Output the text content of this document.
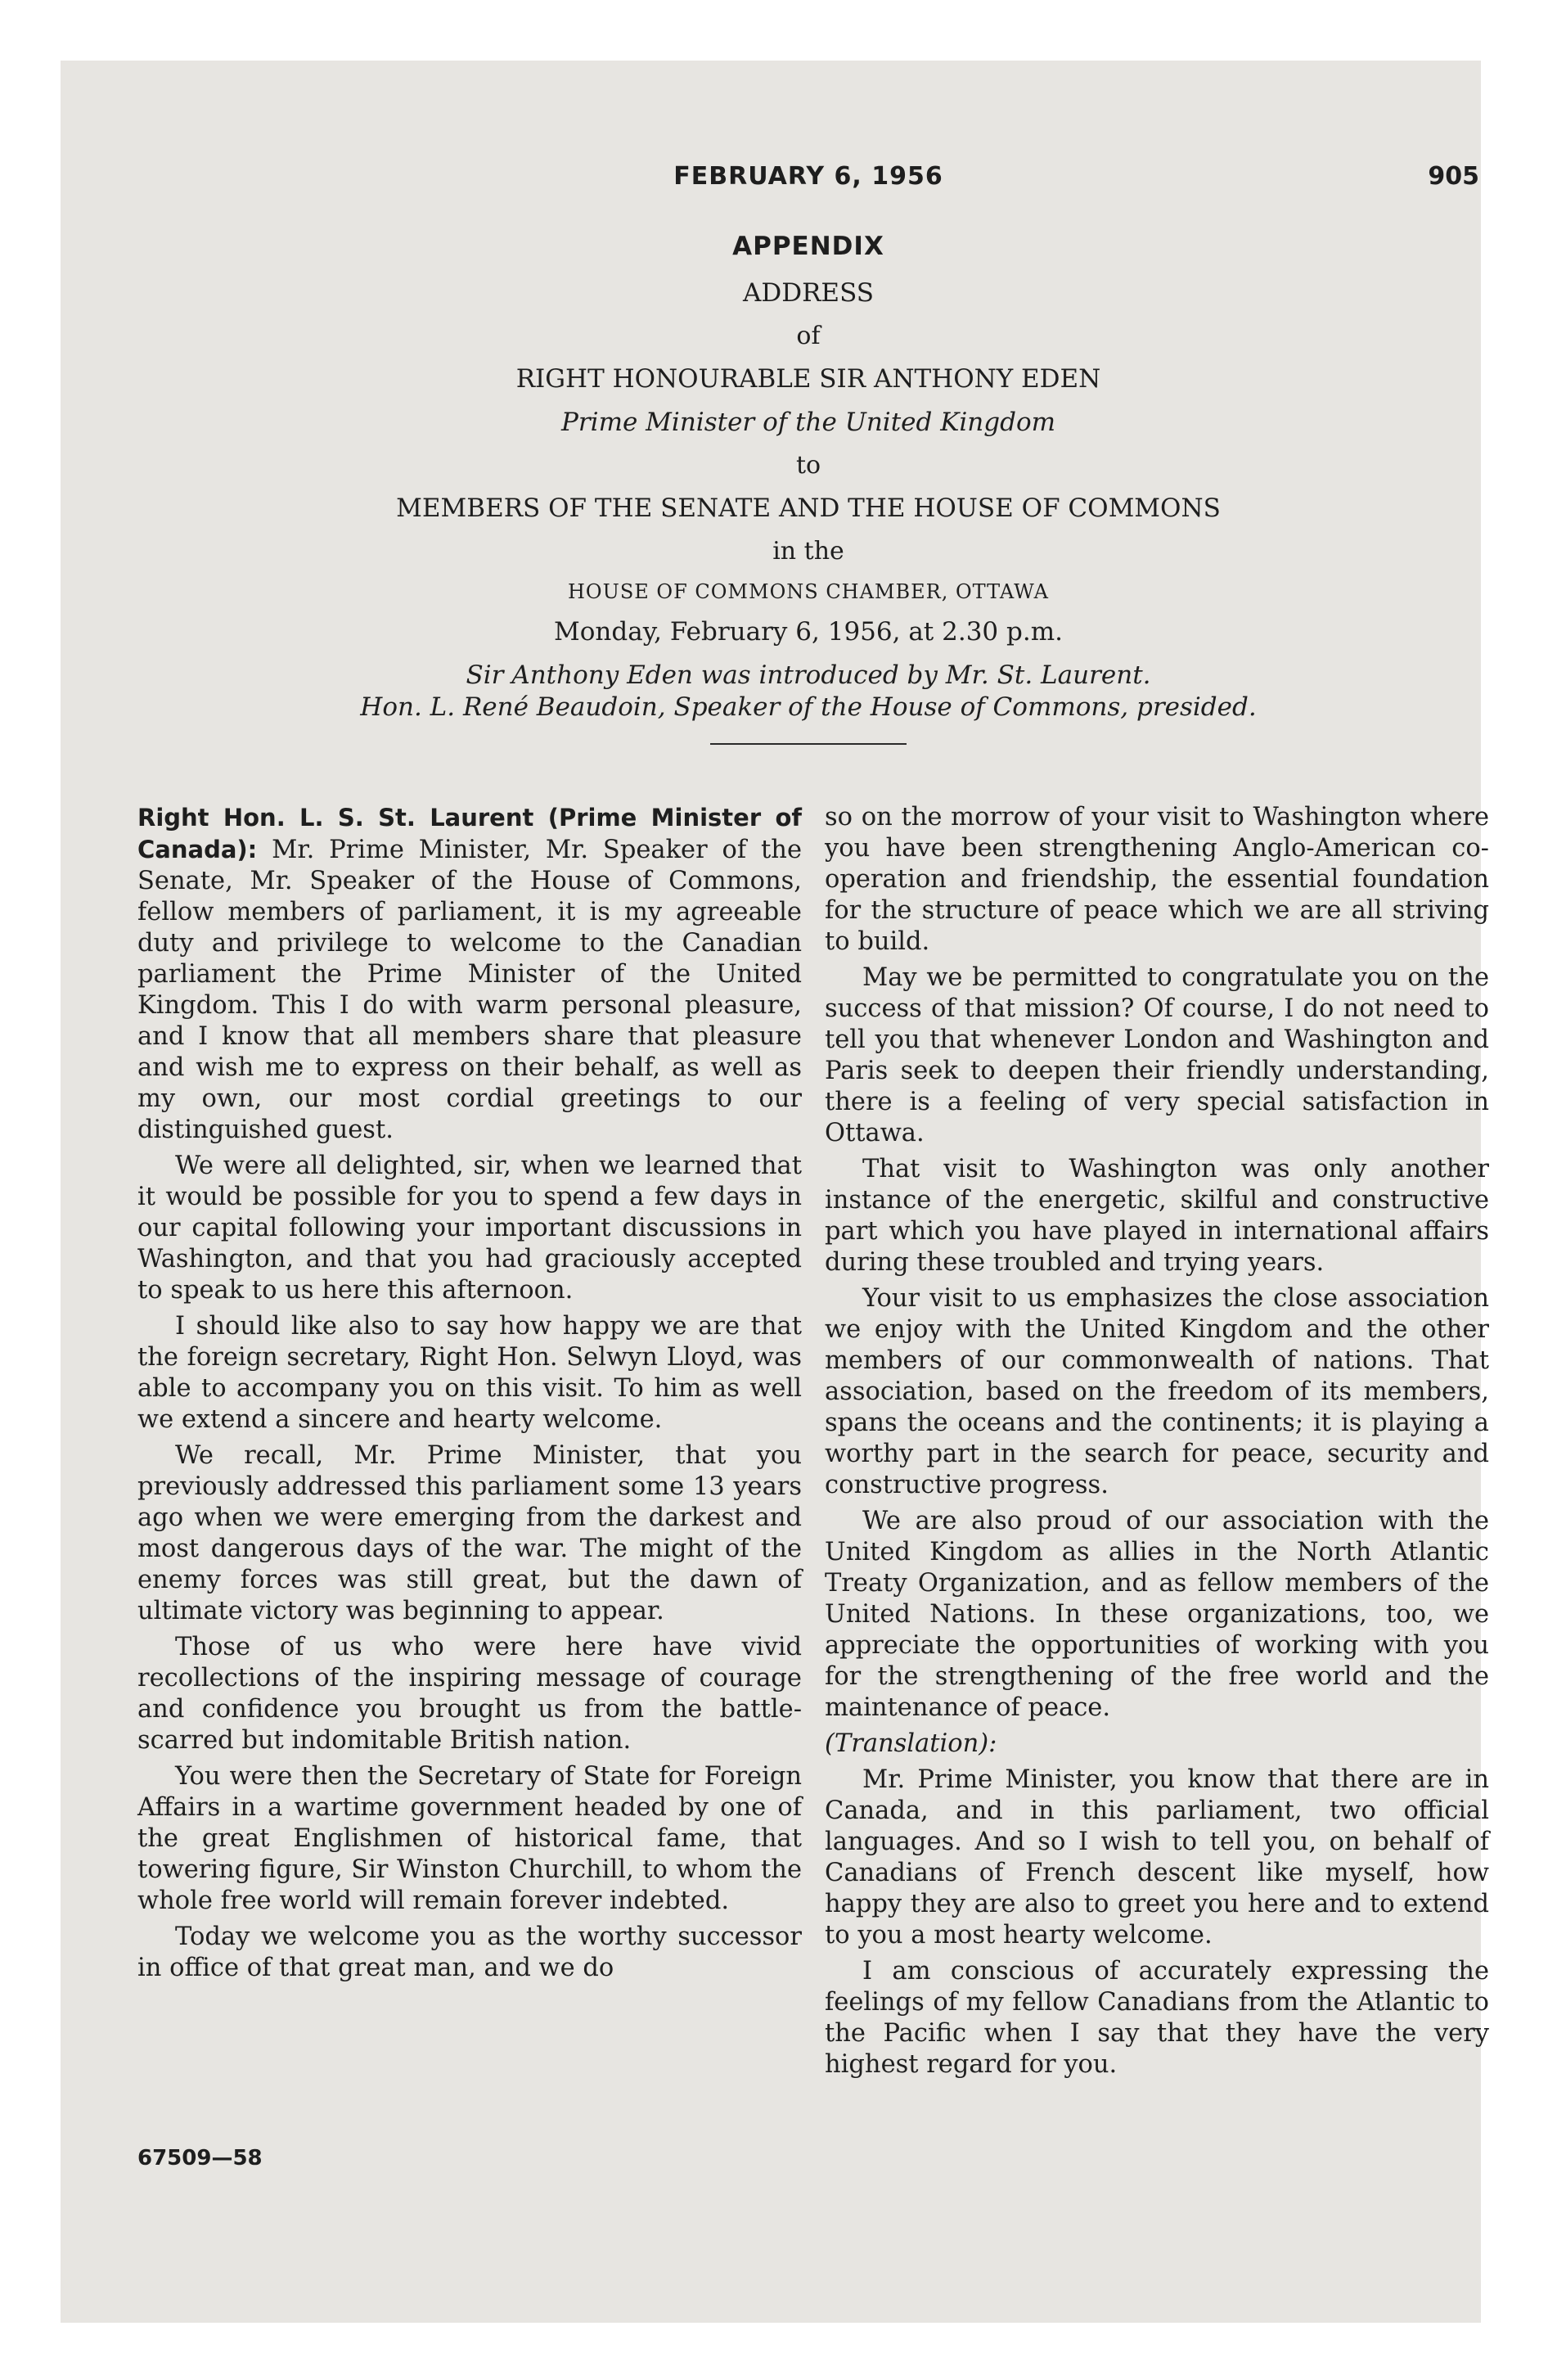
FEBRUARY 6, 1956	905
APPENDIX
ADDRESS
of
RIGHT HONOURABLE SIR ANTHONY EDEN
Prime Minister of the United Kingdom
to
MEMBERS OF THE SENATE AND THE HOUSE OF COMMONS
in the
HOUSE OF COMMONS CHAMBER, OTTAWA
Monday, February 6, 1956, at 2.30 p.m.
Sir Anthony Eden was introduced by Mr. St. Laurent.
Hon. L. René Beaudoin, Speaker of the House of Commons, presided.

Right Hon. L. S. St. Laurent (Prime Minister of Canada): Mr. Prime Minister, Mr. Speaker of the Senate, Mr. Speaker of the House of Commons, fellow members of parliament, it is my agreeable duty and privilege to welcome to the Canadian parliament the Prime Minister of the United Kingdom. This I do with warm personal pleasure, and I know that all members share that pleasure and wish me to express on their behalf, as well as my own, our most cordial greetings to our distinguished guest.

We were all delighted, sir, when we learned that it would be possible for you to spend a few days in our capital following your important discussions in Washington, and that you had graciously accepted to speak to us here this afternoon.

I should like also to say how happy we are that the foreign secretary, Right Hon. Selwyn Lloyd, was able to accompany you on this visit. To him as well we extend a sincere and hearty welcome.

We recall, Mr. Prime Minister, that you previously addressed this parliament some 13 years ago when we were emerging from the darkest and most dangerous days of the war. The might of the enemy forces was still great, but the dawn of ultimate victory was beginning to appear.

Those of us who were here have vivid recollections of the inspiring message of courage and confidence you brought us from the battle-scarred but indomitable British nation.

You were then the Secretary of State for Foreign Affairs in a wartime government headed by one of the great Englishmen of historical fame, that towering figure, Sir Winston Churchill, to whom the whole free world will remain forever indebted.

Today we welcome you as the worthy successor in office of that great man, and we do

67509—58

so on the morrow of your visit to Washington where you have been strengthening Anglo-American co-operation and friendship, the essential foundation for the structure of peace which we are all striving to build.

May we be permitted to congratulate you on the success of that mission? Of course, I do not need to tell you that whenever London and Washington and Paris seek to deepen their friendly understanding, there is a feeling of very special satisfaction in Ottawa.

That visit to Washington was only another instance of the energetic, skilful and constructive part which you have played in international affairs during these troubled and trying years.

Your visit to us emphasizes the close association we enjoy with the United Kingdom and the other members of our commonwealth of nations. That association, based on the freedom of its members, spans the oceans and the continents; it is playing a worthy part in the search for peace, security and constructive progress.

We are also proud of our association with the United Kingdom as allies in the North Atlantic Treaty Organization, and as fellow members of the United Nations. In these organizations, too, we appreciate the opportunities of working with you for the strengthening of the free world and the maintenance of peace.

(Translation):

Mr. Prime Minister, you know that there are in Canada, and in this parliament, two official languages. And so I wish to tell you, on behalf of Canadians of French descent like myself, how happy they are also to greet you here and to extend to you a most hearty welcome.

I am conscious of accurately expressing the feelings of my fellow Canadians from the Atlantic to the Pacific when I say that they have the very highest regard for you.
